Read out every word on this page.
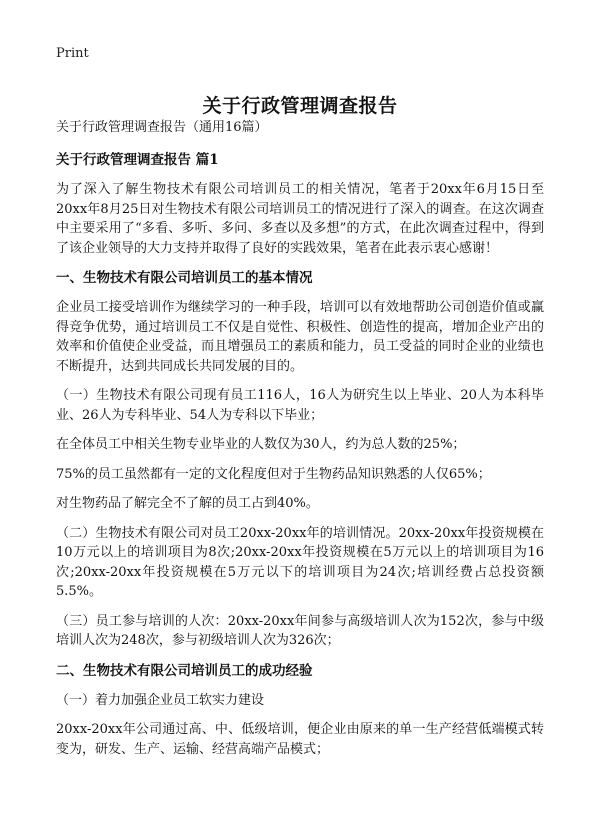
Print
关于行政管理调查报告

关于行政管理调查报告（通用16篇）

关于行政管理调查报告 篇1

为了深入了解生物技术有限公司培训员工的相关情况，笔者于20xx年6月15日至20xx年8月25日对生物技术有限公司培训员工的情况进行了深入的调查。在这次调查中主要采用了“多看、多听、多问、多查以及多想”的方式，在此次调查过程中，得到了该企业领导的大力支持并取得了良好的实践效果，笔者在此表示衷心感谢！

一、生物技术有限公司培训员工的基本情况

企业员工接受培训作为继续学习的一种手段，培训可以有效地帮助公司创造价值或赢得竞争优势，通过培训员工不仅是自觉性、积极性、创造性的提高，增加企业产出的效率和价值使企业受益，而且增强员工的素质和能力，员工受益的同时企业的业绩也不断提升，达到共同成长共同发展的目的。

（一）生物技术有限公司现有员工116人，16人为研究生以上毕业、20人为本科毕业、26人为专科毕业、54人为专科以下毕业；

在全体员工中相关生物专业毕业的人数仅为30人，约为总人数的25%；

75%的员工虽然都有一定的文化程度但对于生物药品知识熟悉的人仅65%；

对生物药品了解完全不了解的员工占到40%。

（二）生物技术有限公司对员工20xx-20xx年的培训情况。20xx-20xx年投资规模在10万元以上的培训项目为8次;20xx-20xx年投资规模在5万元以上的培训项目为16次;20xx-20xx年投资规模在5万元以下的培训项目为24次;培训经费占总投资额5.5%。

（三）员工参与培训的人次：20xx-20xx年间参与高级培训人次为152次，参与中级培训人次为248次，参与初级培训人次为326次；

二、生物技术有限公司培训员工的成功经验

（一）着力加强企业员工软实力建设

20xx-20xx年公司通过高、中、低级培训，便企业由原来的单一生产经营低端模式转变为，研发、生产、运输、经营高端产品模式；
